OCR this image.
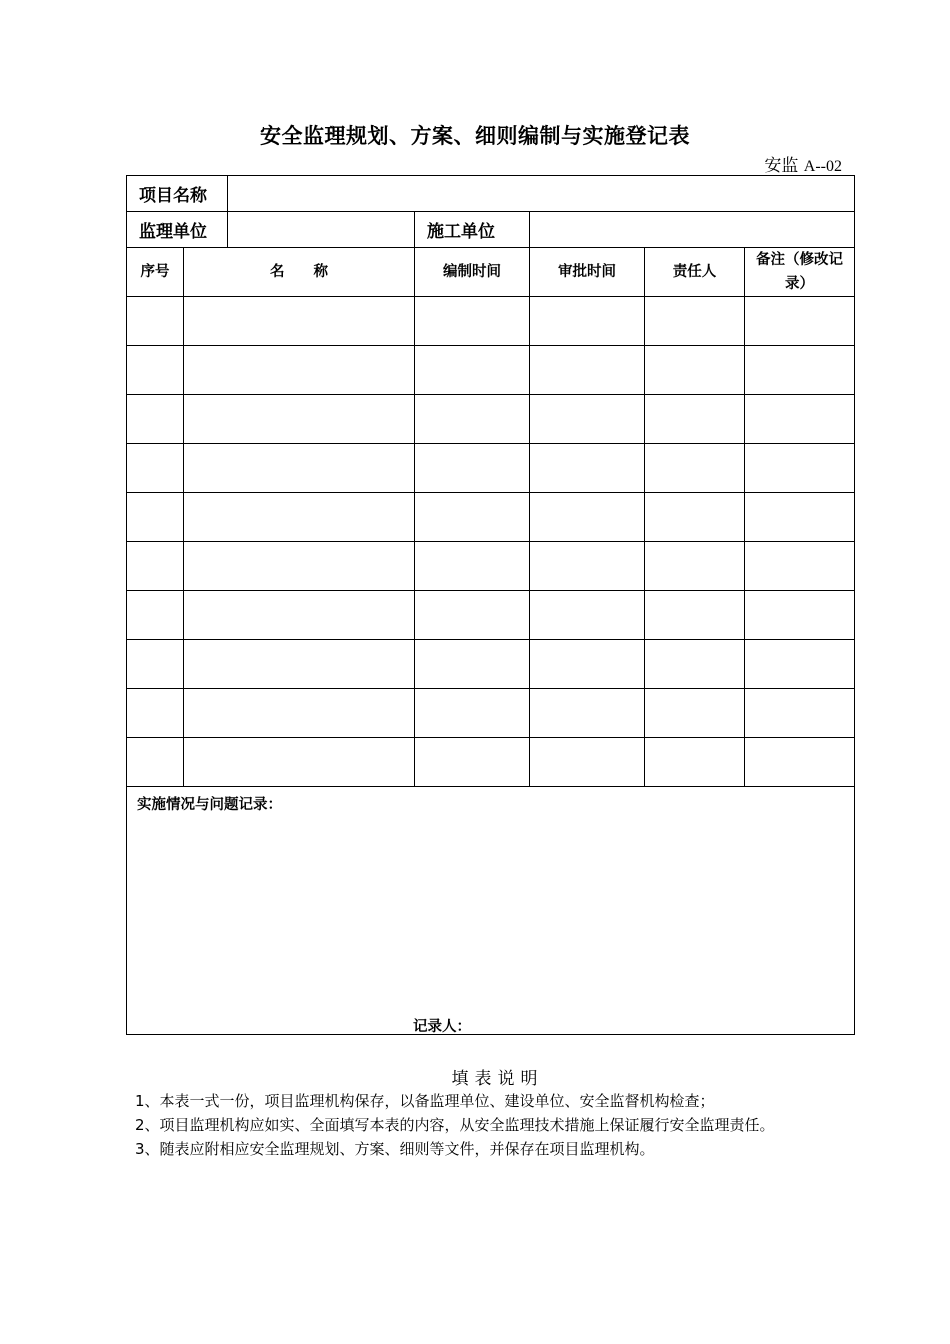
安全监理规划、方案、细则编制与实施登记表
安监 A--02
项目名称						
监理单位			施工单位			
序号	名　　称		编制时间	审批时间	责任人	备注（修改记录）

实施情况与问题记录：
记录人：						
填表说明
1、本表一式一份，项目监理机构保存，以备监理单位、建设单位、安全监督机构检查；
2、项目监理机构应如实、全面填写本表的内容，从安全监理技术措施上保证履行安全监理责任。
3、随表应附相应安全监理规划、方案、细则等文件，并保存在项目监理机构。
